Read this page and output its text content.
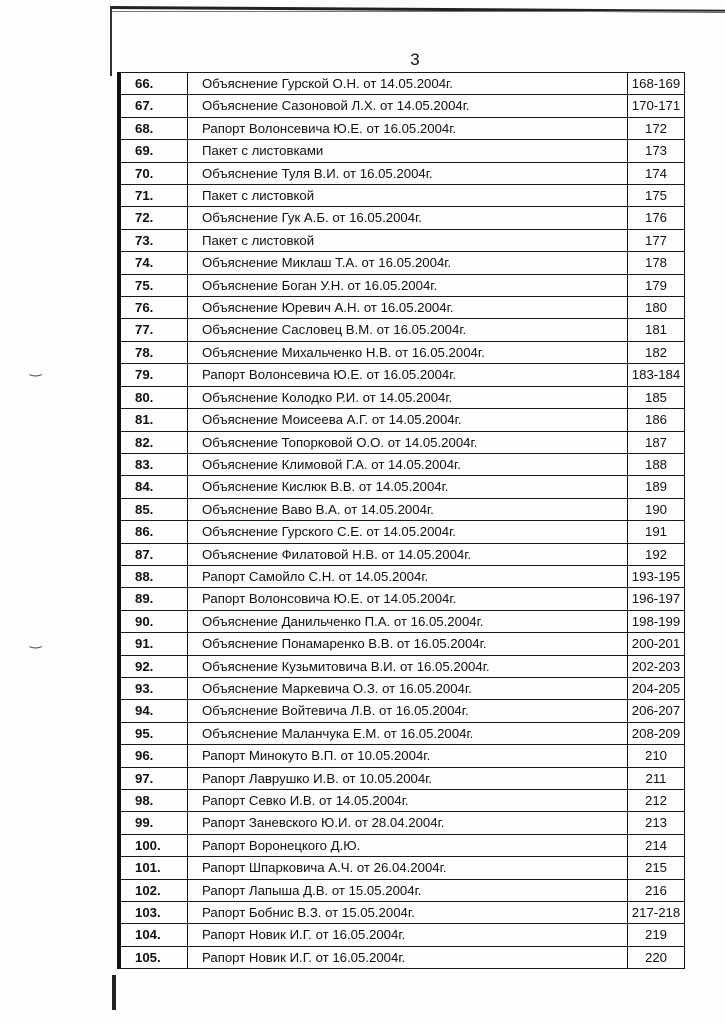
‿
‿
3
66.	Объяснение Гурской О.Н. от 14.05.2004г.	168-169
67.	Объяснение Сазоновой Л.Х. от 14.05.2004г.	170-171
68.	Рапорт Волонсевича Ю.Е. от 16.05.2004г.	172
69.	Пакет с листовками	173
70.	Объяснение Туля В.И. от 16.05.2004г.	174
71.	Пакет с листовкой	175
72.	Объяснение Гук А.Б. от 16.05.2004г.	176
73.	Пакет с листовкой	177
74.	Объяснение Миклаш Т.А. от 16.05.2004г.	178
75.	Объяснение Боган У.Н. от 16.05.2004г.	179
76.	Объяснение Юревич А.Н. от 16.05.2004г.	180
77.	Объяснение Сасловец В.М. от 16.05.2004г.	181
78.	Объяснение Михальченко Н.В. от 16.05.2004г.	182
79.	Рапорт Волонсевича Ю.Е. от 16.05.2004г.	183-184
80.	Объяснение Колодко Р.И. от 14.05.2004г.	185
81.	Объяснение Моисеева А.Г. от 14.05.2004г.	186
82.	Объяснение Топорковой О.О. от 14.05.2004г.	187
83.	Объяснение Климовой Г.А. от 14.05.2004г.	188
84.	Объяснение Кислюк В.В. от 14.05.2004г.	189
85.	Объяснение Ваво В.А. от 14.05.2004г.	190
86.	Объяснение Гурского С.Е. от 14.05.2004г.	191
87.	Объяснение Филатовой Н.В. от 14.05.2004г.	192
88.	Рапорт Самойло С.Н. от 14.05.2004г.	193-195
89.	Рапорт Волонсовича Ю.Е. от 14.05.2004г.	196-197
90.	Объяснение Данильченко П.А. от 16.05.2004г.	198-199
91.	Объяснение Понамаренко В.В. от 16.05.2004г.	200-201
92.	Объяснение Кузьмитовича В.И. от 16.05.2004г.	202-203
93.	Объяснение Маркевича О.З. от 16.05.2004г.	204-205
94.	Объяснение Войтевича Л.В. от 16.05.2004г.	206-207
95.	Объяснение Маланчука Е.М. от 16.05.2004г.	208-209
96.	Рапорт Минокуто В.П. от 10.05.2004г.	210
97.	Рапорт Лаврушко И.В. от 10.05.2004г.	211
98.	Рапорт Севко И.В. от 14.05.2004г.	212
99.	Рапорт Заневского Ю.И. от 28.04.2004г.	213
100.	Рапорт Воронецкого Д.Ю.	214
101.	Рапорт Шпарковича А.Ч. от 26.04.2004г.	215
102.	Рапорт Лапыша Д.В. от 15.05.2004г.	216
103.	Рапорт Бобнис В.З. от 15.05.2004г.	217-218
104.	Рапорт Новик И.Г. от 16.05.2004г.	219
105.	Рапорт Новик И.Г. от 16.05.2004г.	220
